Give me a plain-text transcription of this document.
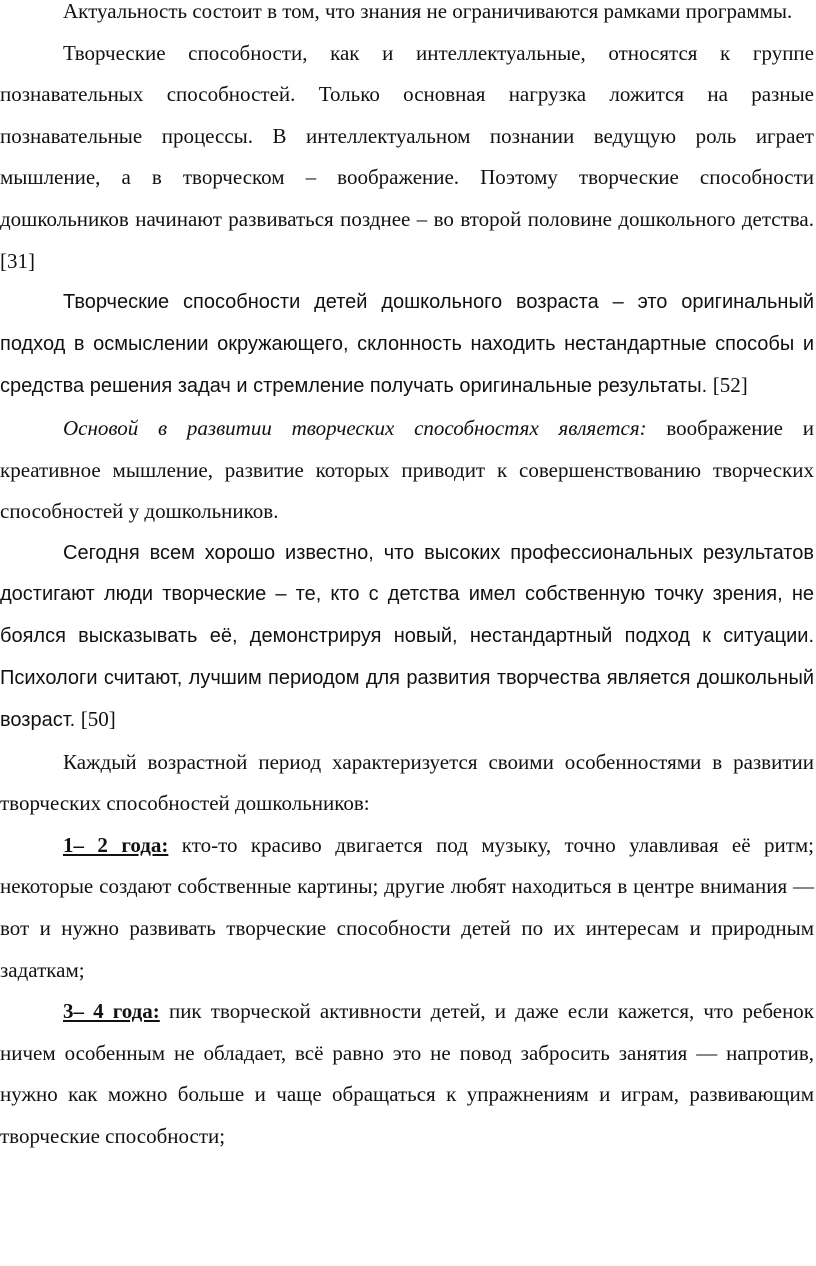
Актуальность состоит в том, что знания не ограничиваются рамками программы.

Творческие способности, как и интеллектуальные, относятся к группе познавательных способностей. Только основная нагрузка ложится на разные познавательные процессы. В интеллектуальном познании ведущую роль играет мышление, а в творческом – воображение. Поэтому творческие способности дошкольников начинают развиваться позднее – во второй половине дошкольного детства. [31]

Творческие способности детей дошкольного возраста – это оригинальный подход в осмыслении окружающего, склонность находить нестандартные способы и средства решения задач и стремление получать оригинальные результаты. [52]

Основой в развитии творческих способностях является: воображение и креативное мышление, развитие которых приводит к совершенствованию творческих способностей у дошкольников.

Сегодня всем хорошо известно, что высоких профессиональных результатов достигают люди творческие – те, кто с детства имел собственную точку зрения, не боялся высказывать её, демонстрируя новый, нестандартный подход к ситуации. Психологи считают, лучшим периодом для развития творчества является дошкольный возраст. [50]

Каждый возрастной период характеризуется своими особенностями в развитии творческих способностей дошкольников:

1– 2 года: кто-то красиво двигается под музыку, точно улавливая её ритм; некоторые создают собственные картины; другие любят находиться в центре внимания — вот и нужно развивать творческие способности детей по их интересам и природным задаткам;

3– 4 года: пик творческой активности детей, и даже если кажется, что ребенок ничем особенным не обладает, всё равно это не повод забросить занятия — напротив, нужно как можно больше и чаще обращаться к упражнениям и играм, развивающим творческие способности;
